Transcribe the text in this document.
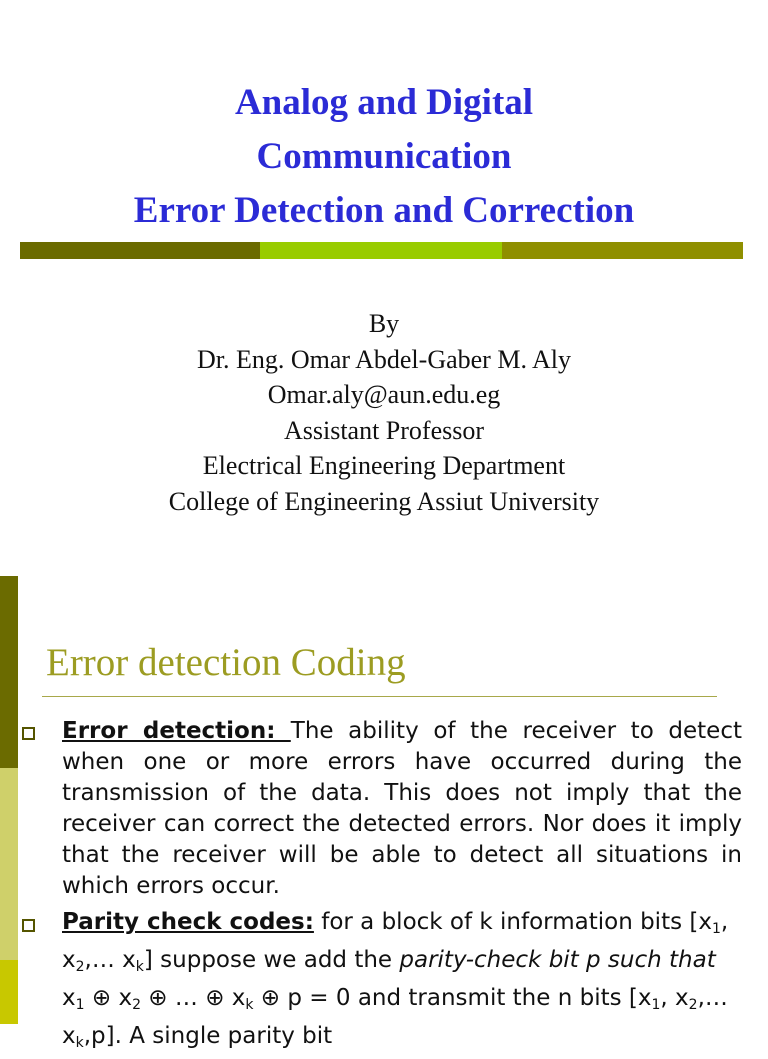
Analog and Digital
Communication
Error Detection and Correction
By
Dr. Eng. Omar Abdel-Gaber M. Aly
Omar.aly@aun.edu.eg
Assistant Professor
Electrical Engineering Department
College of Engineering Assiut University
Error detection Coding
Error detection: The ability of the receiver to detect when one or more errors have occurred during the transmission of the data. This does not imply that the receiver can correct the detected errors. Nor does it imply that the receiver will be able to detect all situations in which errors occur.
Parity check codes: for a block of k information bits [$x_1$, $x_2,\dots$ $x_k$] suppose we add the parity-check bit p such that $x_1$ ⊕ $x_2$ ⊕ … ⊕ $x_k$ ⊕ p = 0 and transmit the n bits [$x_1$, $x_2,\dots$ $x_k,p$]. A single parity bit
